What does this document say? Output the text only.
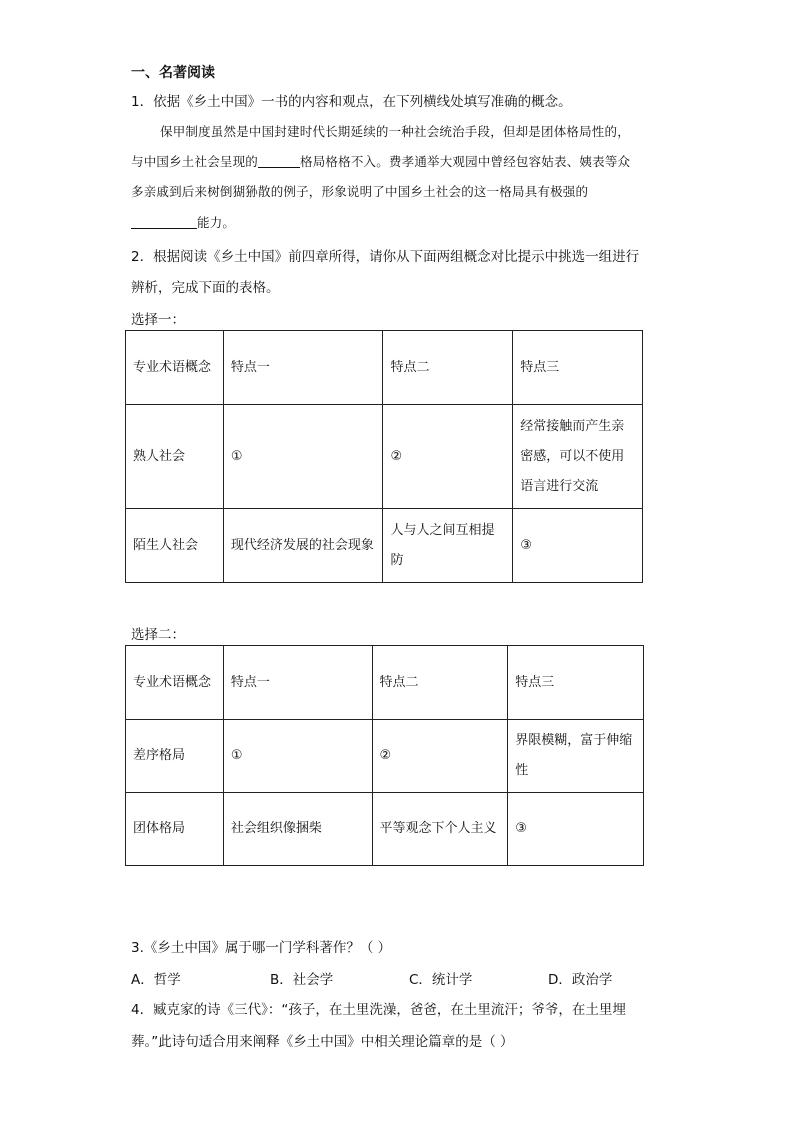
一、名著阅读
1．依据《乡土中国》一书的内容和观点，在下列横线处填写准确的概念。
保甲制度虽然是中国封建时代长期延续的一种社会统治手段，但却是团体格局性的，
与中国乡土社会呈现的	格局格格不入。费孝通举大观园中曾经包容姑表、姨表等众
多亲戚到后来树倒猢狲散的例子，形象说明了中国乡土社会的这一格局具有极强的
能力。
2．根据阅读《乡土中国》前四章所得，请你从下面两组概念对比提示中挑选一组进行
辨析，完成下面的表格。
选择一：
专业术语概念	特点一	特点二	特点三
熟人社会	①	②	经常接触而产生亲密感，可以不使用语言进行交流
陌生人社会	现代经济发展的社会现象	人与人之间互相提防	③
选择二：
专业术语概念	特点一	特点二	特点三
差序格局	①	②	界限模糊，富于伸缩性
团体格局	社会组织像捆柴	平等观念下个人主义	③
3.《乡土中国》属于哪一门学科著作？（ ）
A．哲学	B．社会学	C．统计学	D．政治学
4．臧克家的诗《三代》：“孩子，在土里洗澡，爸爸，在土里流汗；爷爷，在土里埋
葬。”此诗句适合用来阐释《乡土中国》中相关理论篇章的是（ ）
